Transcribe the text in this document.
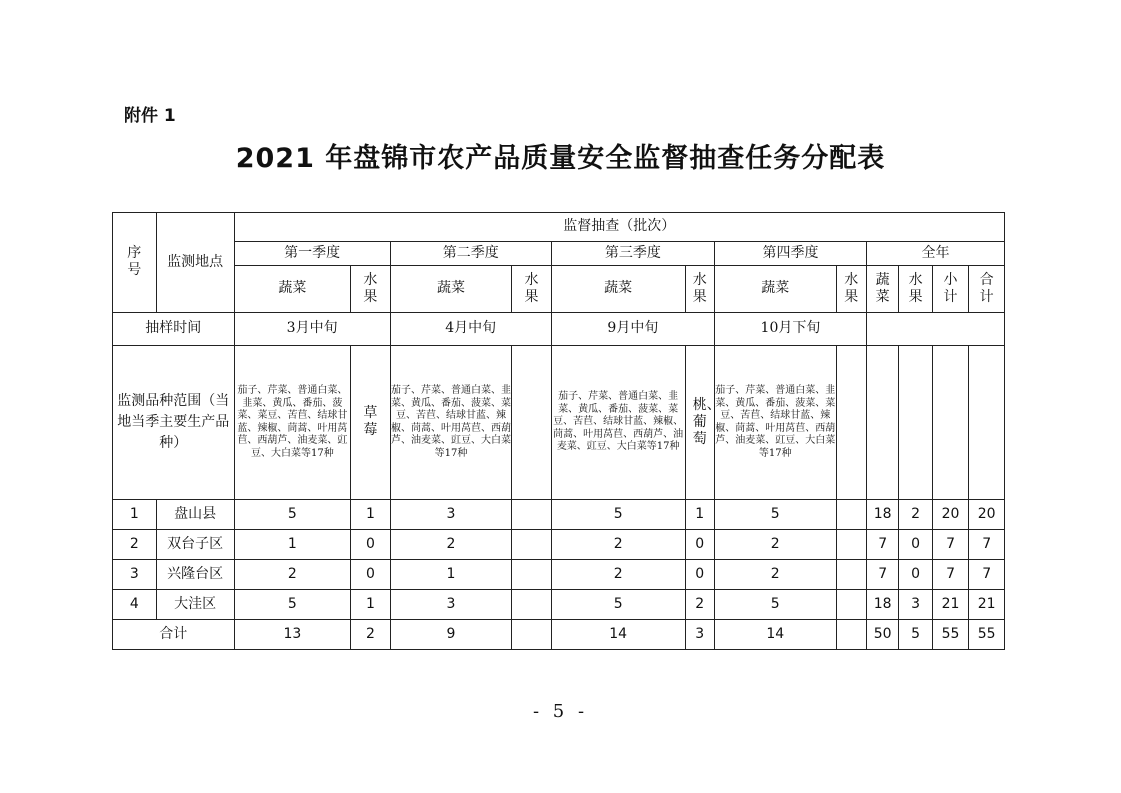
附件 1
2021 年盘锦市农产品质量安全监督抽查任务分配表
序号	监测地点	监督抽查（批次）											
		第一季度		第二季度		第三季度		第四季度		全年			
		蔬菜	水果	蔬菜	水果	蔬菜	水果	蔬菜	水果	蔬菜	水果	小计	合计
抽样时间		3月中旬		4月中旬		9月中旬		10月下旬					
监测品种范围（当地当季主要生产品种）		茄子、芹菜、普通白菜、韭菜、黄瓜、番茄、菠菜、菜豆、苦苣、结球甘蓝、辣椒、茼蒿、叶用莴苣、西葫芦、油麦菜、豇豆、大白菜等17种	草莓	茄子、芹菜、普通白菜、韭菜、黄瓜、番茄、菠菜、菜豆、苦苣、结球甘蓝、辣椒、茼蒿、叶用莴苣、西葫芦、油麦菜、豇豆、大白菜等17种		茄子、芹菜、普通白菜、韭菜、黄瓜、番茄、菠菜、菜豆、苦苣、结球甘蓝、辣椒、茼蒿、叶用莴苣、西葫芦、油麦菜、豇豆、大白菜等17种	桃、葡萄	茄子、芹菜、普通白菜、韭菜、黄瓜、番茄、菠菜、菜豆、苦苣、结球甘蓝、辣椒、茼蒿、叶用莴苣、西葫芦、油麦菜、豇豆、大白菜等17种					
1	盘山县	5	1	3		5	1	5		18	2	20	20
2	双台子区	1	0	2		2	0	2		7	0	7	7
3	兴隆台区	2	0	1		2	0	2		7	0	7	7
4	大洼区	5	1	3		5	2	5		18	3	21	21
合计		13	2	9		14	3	14		50	5	55	55
- 5 -
